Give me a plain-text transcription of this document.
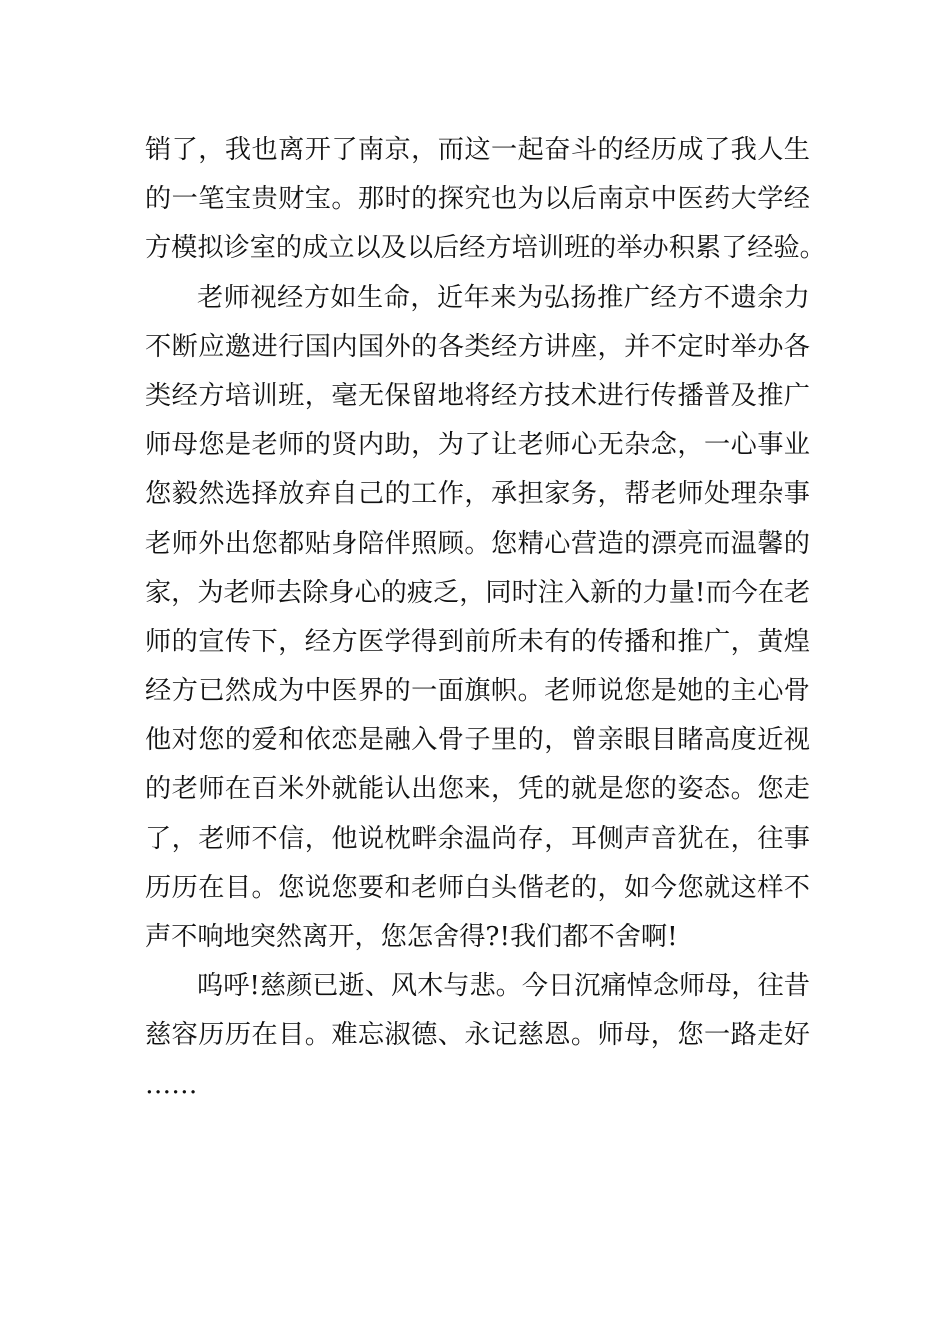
销了，我也离开了南京，而这一起奋斗的经历成了我人生
的一笔宝贵财宝。那时的探究也为以后南京中医药大学经
方模拟诊室的成立以及以后经方培训班的举办积累了经验。
老师视经方如生命，近年来为弘扬推广经方不遗余力
不断应邀进行国内国外的各类经方讲座，并不定时举办各
类经方培训班，毫无保留地将经方技术进行传播普及推广
师母您是老师的贤内助，为了让老师心无杂念，一心事业
您毅然选择放弃自己的工作，承担家务，帮老师处理杂事
老师外出您都贴身陪伴照顾。您精心营造的漂亮而温馨的
家，为老师去除身心的疲乏，同时注入新的力量!而今在老
师的宣传下，经方医学得到前所未有的传播和推广，黄煌
经方已然成为中医界的一面旗帜。老师说您是她的主心骨
他对您的爱和依恋是融入骨子里的，曾亲眼目睹高度近视
的老师在百米外就能认出您来，凭的就是您的姿态。您走
了，老师不信，他说枕畔余温尚存，耳侧声音犹在，往事
历历在目。您说您要和老师白头偕老的，如今您就这样不
声不响地突然离开，您怎舍得?!我们都不舍啊!
呜呼!慈颜已逝、风木与悲。今日沉痛悼念师母，往昔
慈容历历在目。难忘淑德、永记慈恩。师母，您一路走好
……
